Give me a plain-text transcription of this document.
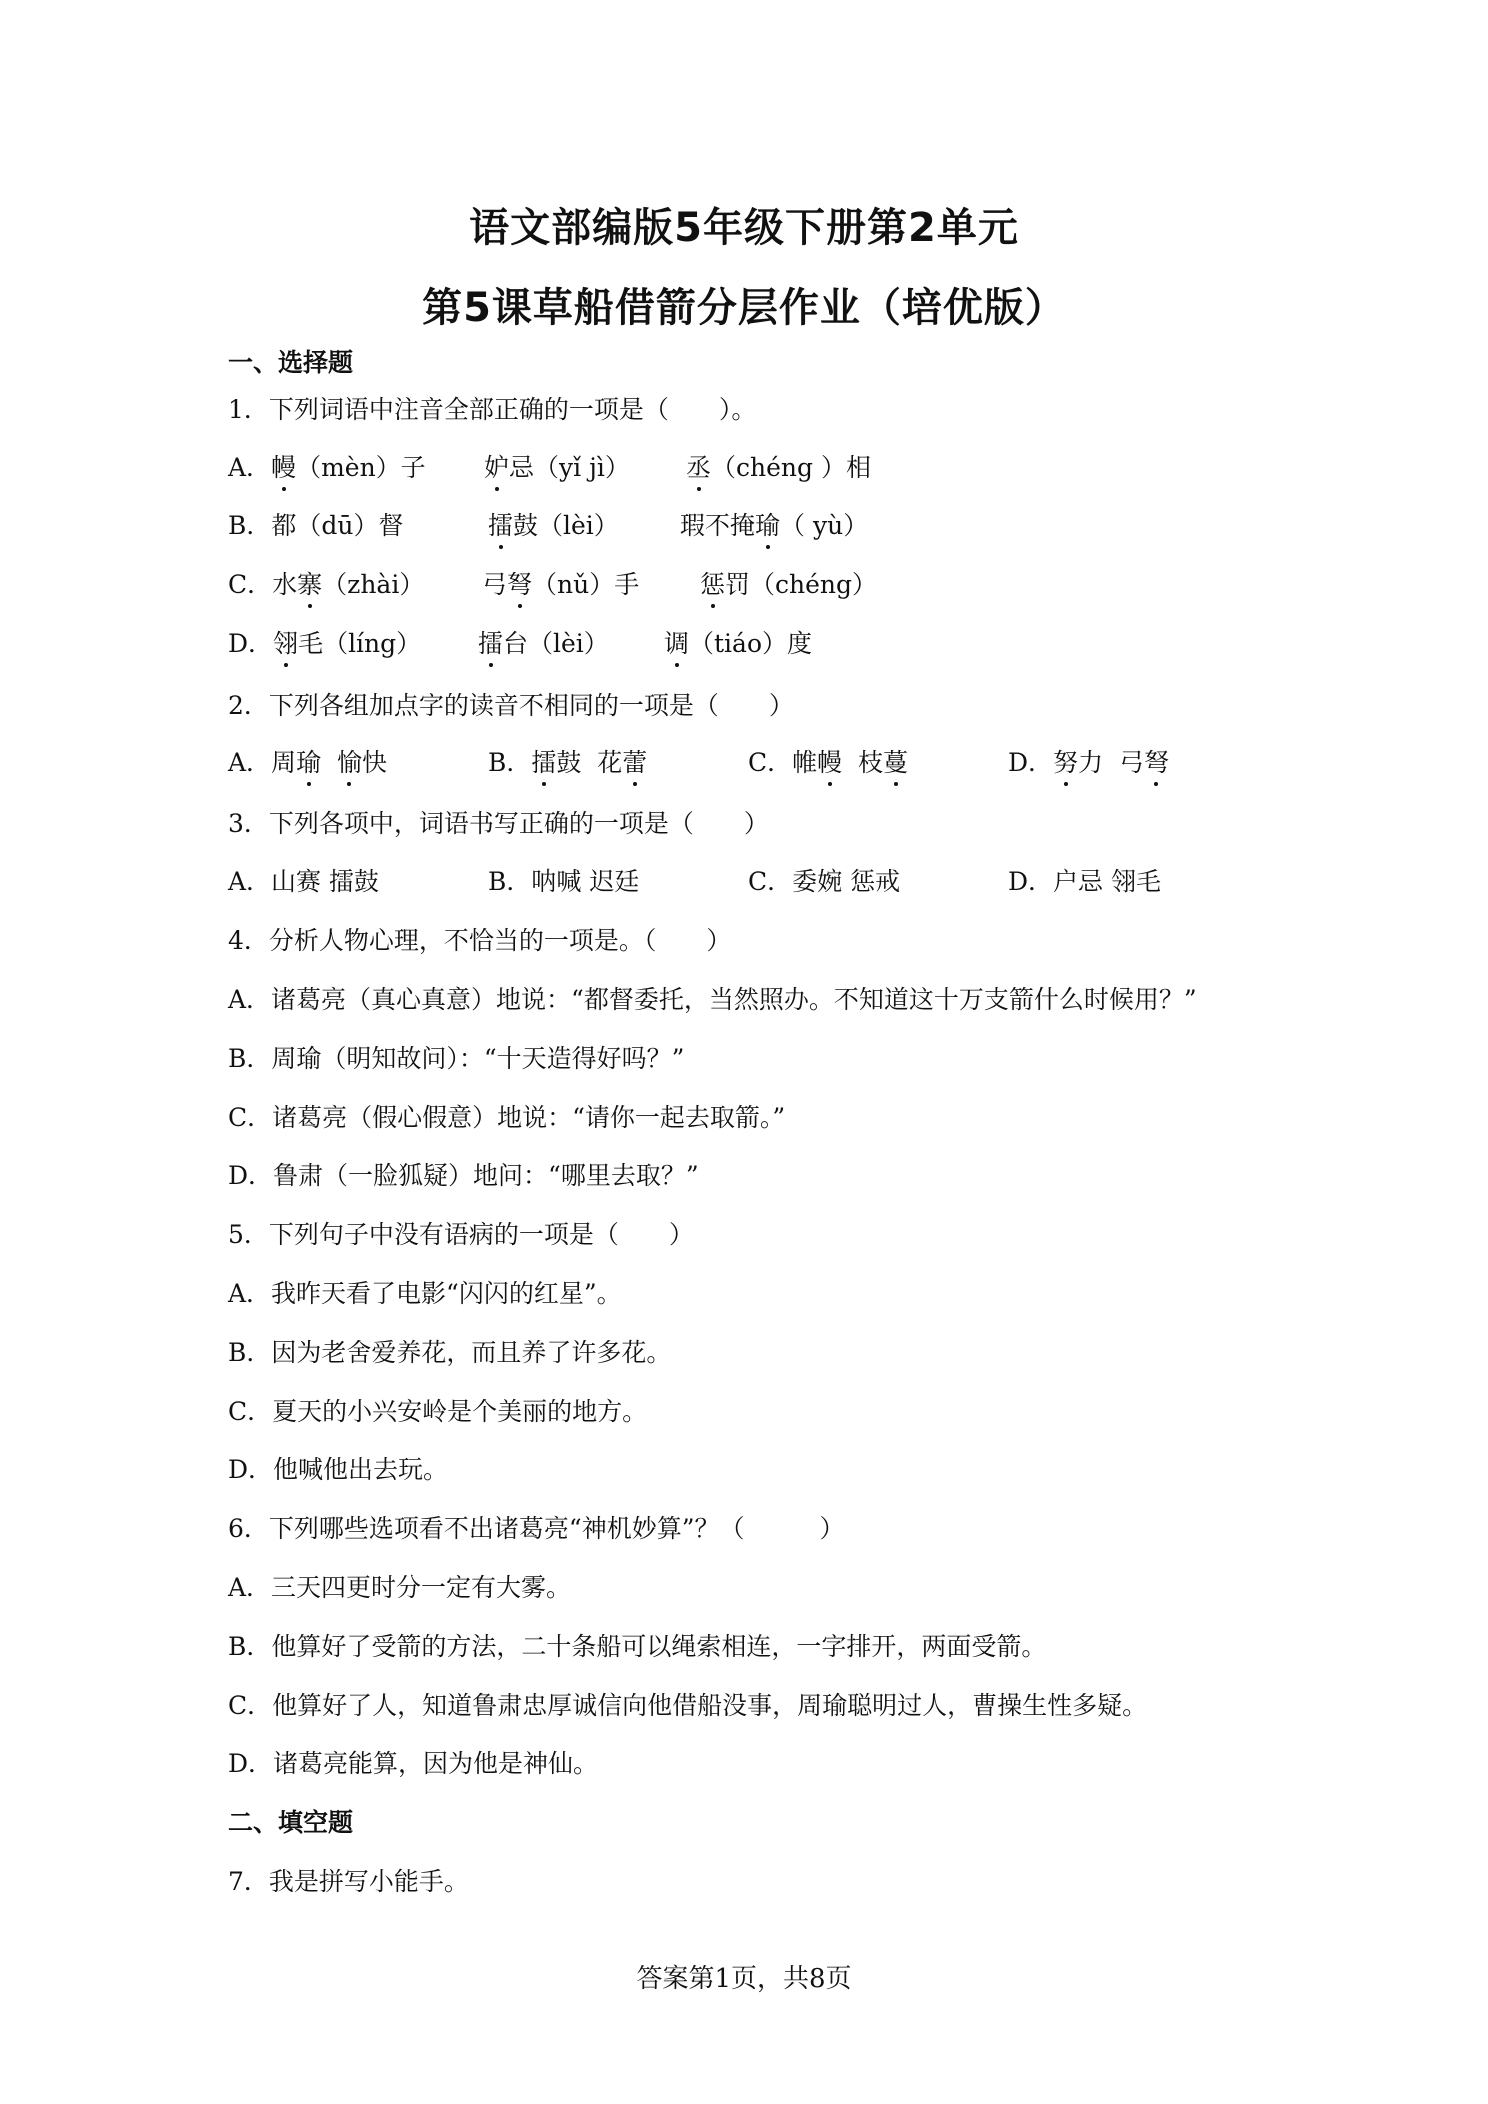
语文部编版5年级下册第2单元
第5课草船借箭分层作业（培优版）
一、选择题
1．下列词语中注音全部正确的一项是（　　）。
A．幔（mèn）子 妒忌（yǐ jì） 丞（chéng ）相
B．都（dū）督	擂鼓（lèi） 瑕不掩瑜（ yù）
C．水寨（zhài） 弓弩（nǔ）手 惩罚（chéng）
D．翎毛（líng） 擂台（lèi） 调（tiáo）度
2．下列各组加点字的读音不相同的一项是（　　）
A．周瑜 愉快	B．擂鼓  花蕾	C．帷幔  枝蔓	D．努力  弓弩
3．下列各项中，词语书写正确的一项是（　　）
A．山赛 擂鼓	B．呐喊 迟廷	C．委婉 惩戒	D．户忌 翎毛
4．分析人物心理，不恰当的一项是。（　　）
A．诸葛亮（真心真意）地说：“都督委托，当然照办。不知道这十万支箭什么时候用？”
B．周瑜（明知故问）：“十天造得好吗？”
C．诸葛亮（假心假意）地说：“请你一起去取箭。”
D．鲁肃（一脸狐疑）地问：“哪里去取？”
5．下列句子中没有语病的一项是（　　）
A．我昨天看了电影“闪闪的红星”。
B．因为老舍爱养花，而且养了许多花。
C．夏天的小兴安岭是个美丽的地方。
D．他喊他出去玩。
6．下列哪些选项看不出诸葛亮“神机妙算”？（　　　）
A．三天四更时分一定有大雾。
B．他算好了受箭的方法，二十条船可以绳索相连，一字排开，两面受箭。
C．他算好了人，知道鲁肃忠厚诚信向他借船没事，周瑜聪明过人，曹操生性多疑。
D．诸葛亮能算，因为他是神仙。
二、填空题
7．我是拼写小能手。
答案第1页，共8页
